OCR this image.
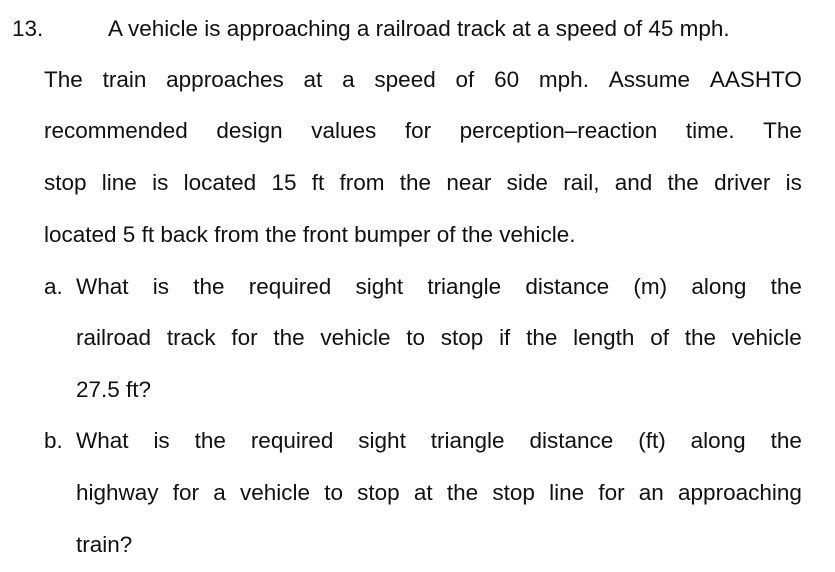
13.	A vehicle is approaching a railroad track at a speed of 45 mph.
The train approaches at a speed of 60 mph. Assume AASHTO
recommended design values for perception–reaction time. The
stop line is located 15 ft from the near side rail, and the driver is
located 5 ft back from the front bumper of the vehicle.
a. What is the required sight triangle distance (m) along the
railroad track for the vehicle to stop if the length of the vehicle
27.5 ft?
b. What is the required sight triangle distance (ft) along the
highway for a vehicle to stop at the stop line for an approaching
train?
